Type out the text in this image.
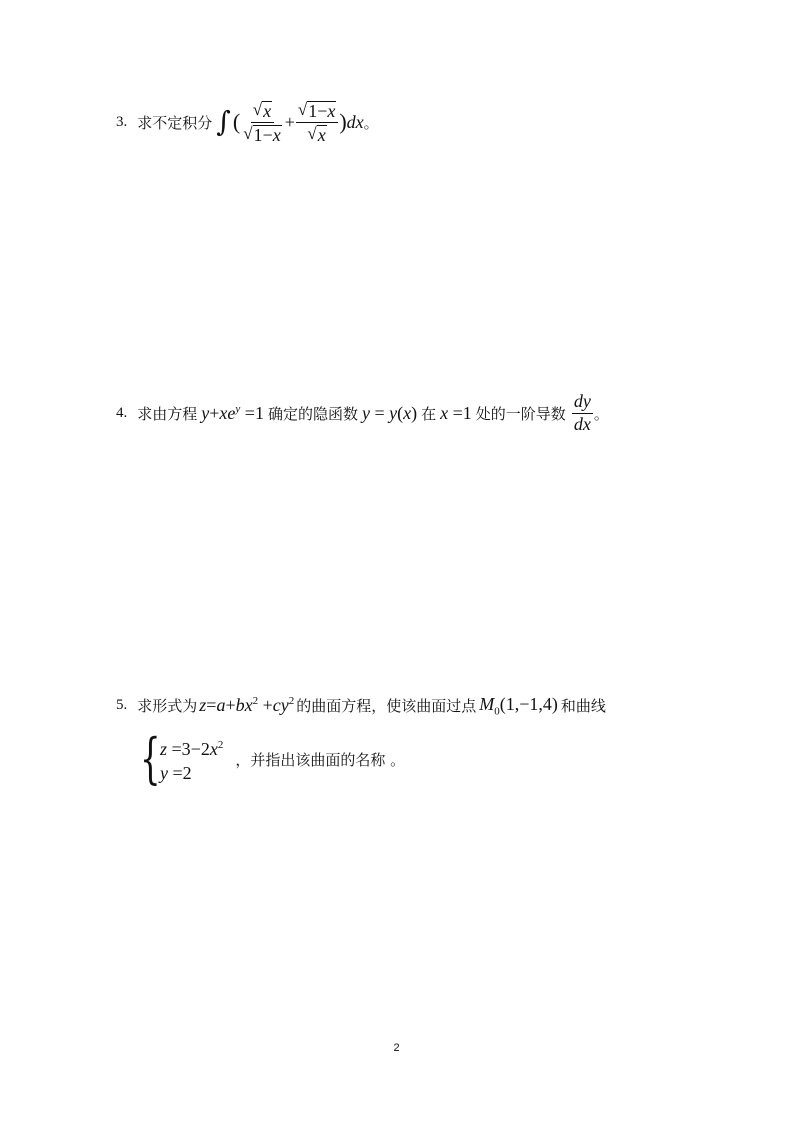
3. 求不定积分 ∫ ( $\frac{√ x}{√ 1-x} + \frac{√ 1-x}{√ x}$ ) dx 。
4. 求由方程 $y+xe^y =1$ 确定的隐函数 y = y(x) 在 x =1 处的一阶导数 $\frac{dy}{dx}$ 。
5. 求形式为 $z=a+bx^2 +cy^2$ 的曲面方程，使该曲面过点 $M_0(1,-1,4)$ 和曲线
{ $z =3-2x^2$
y =2
，并指出该曲面的名称 。
2
